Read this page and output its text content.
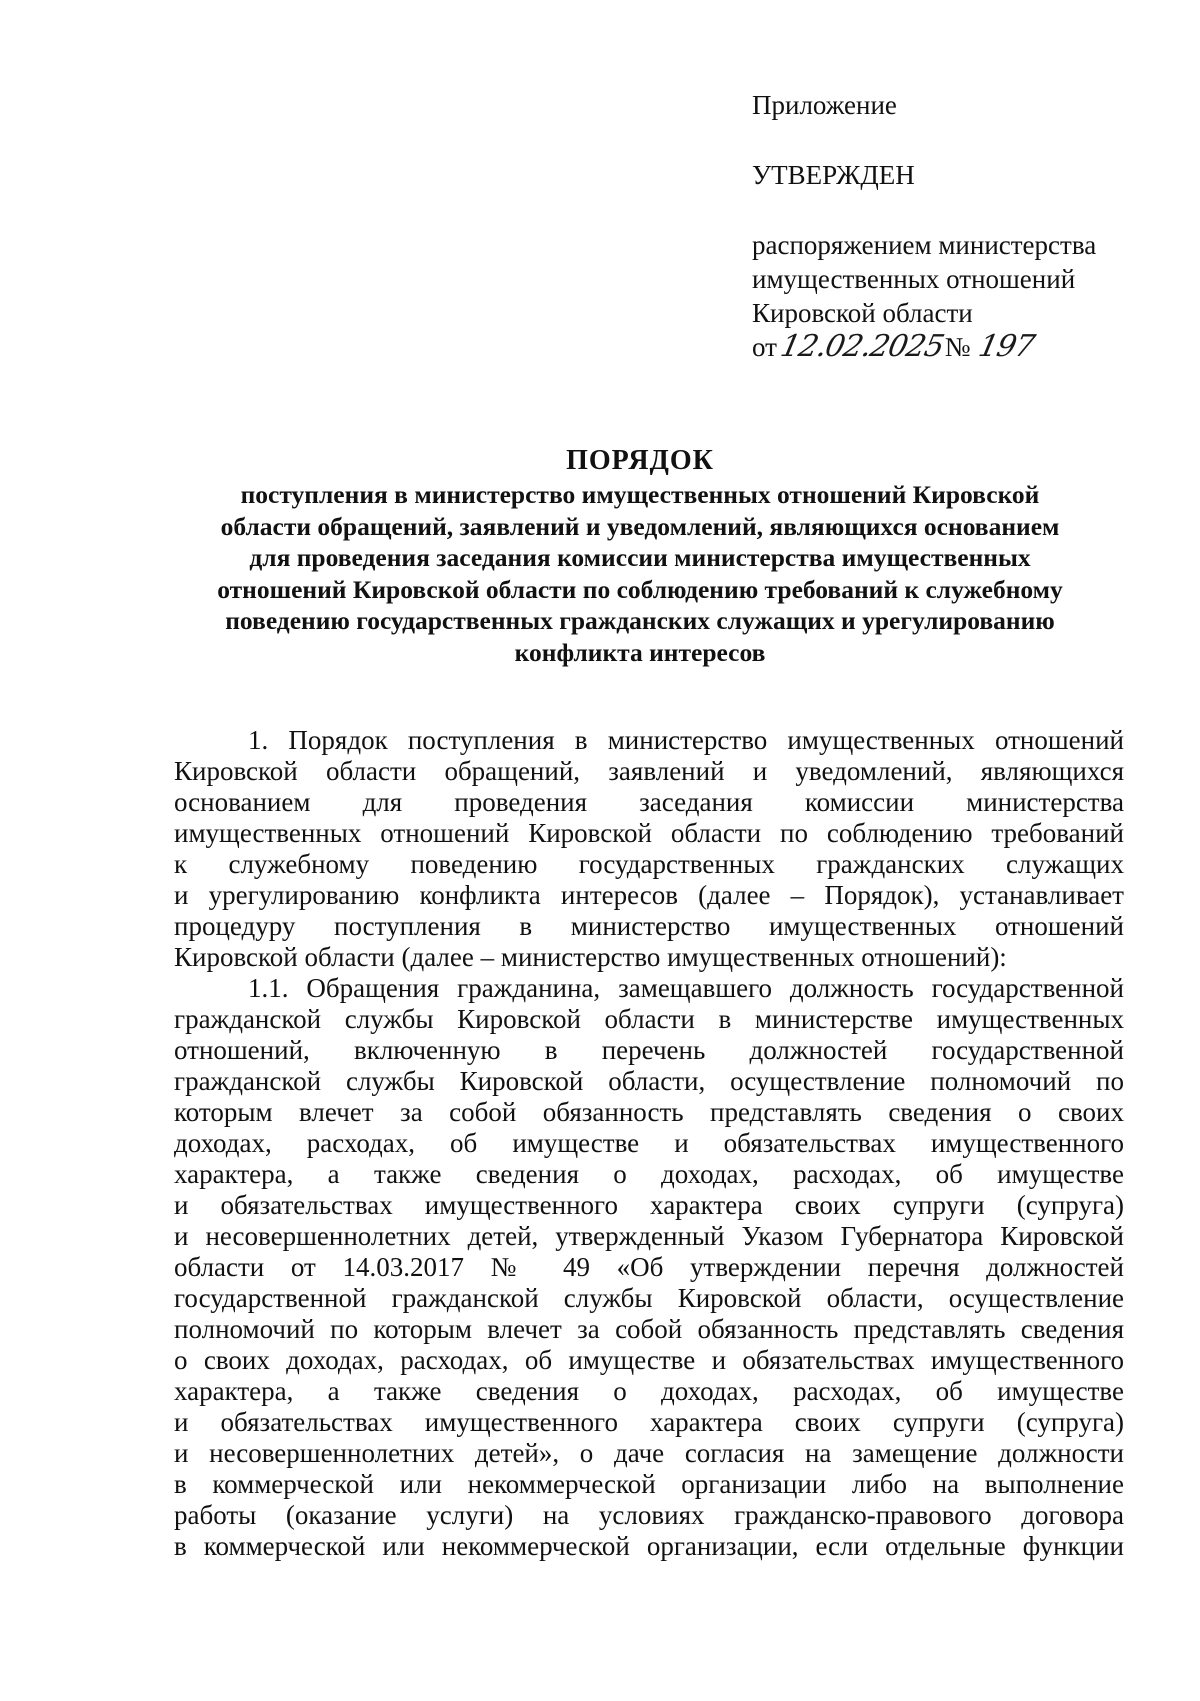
Приложение
УТВЕРЖДЕН
распоряжением министерства
имущественных отношений
Кировской области
от 12.02.2025
№ 197
ПОРЯДОК
поступления в министерство имущественных отношений Кировской
области обращений, заявлений и уведомлений, являющихся основанием
для проведения заседания комиссии министерства имущественных
отношений Кировской области по соблюдению требований к служебному
поведению государственных гражданских служащих и урегулированию
конфликта интересов
1. Порядок поступления в министерство имущественных отношений
Кировской области обращений, заявлений и уведомлений, являющихся
основанием для проведения заседания комиссии министерства
имущественных отношений Кировской области по соблюдению требований
к служебному поведению государственных гражданских служащих
и урегулированию конфликта интересов (далее – Порядок), устанавливает
процедуру поступления в министерство имущественных отношений
Кировской области (далее – министерство имущественных отношений):
1.1. Обращения гражданина, замещавшего должность государственной
гражданской службы Кировской области в министерстве имущественных
отношений, включенную в перечень должностей государственной
гражданской службы Кировской области, осуществление полномочий по
которым влечет за собой обязанность представлять сведения о своих
доходах, расходах, об имуществе и обязательствах имущественного
характера, а также сведения о доходах, расходах, об имуществе
и обязательствах имущественного характера своих супруги (супруга)
и несовершеннолетних детей, утвержденный Указом Губернатора Кировской
области от 14.03.2017 № 49 «Об утверждении перечня должностей
государственной гражданской службы Кировской области, осуществление
полномочий по которым влечет за собой обязанность представлять сведения
о своих доходах, расходах, об имуществе и обязательствах имущественного
характера, а также сведения о доходах, расходах, об имуществе
и обязательствах имущественного характера своих супруги (супруга)
и несовершеннолетних детей», о даче согласия на замещение должности
в коммерческой или некоммерческой организации либо на выполнение
работы (оказание услуги) на условиях гражданско-правового договора
в коммерческой или некоммерческой организации, если отдельные функции
